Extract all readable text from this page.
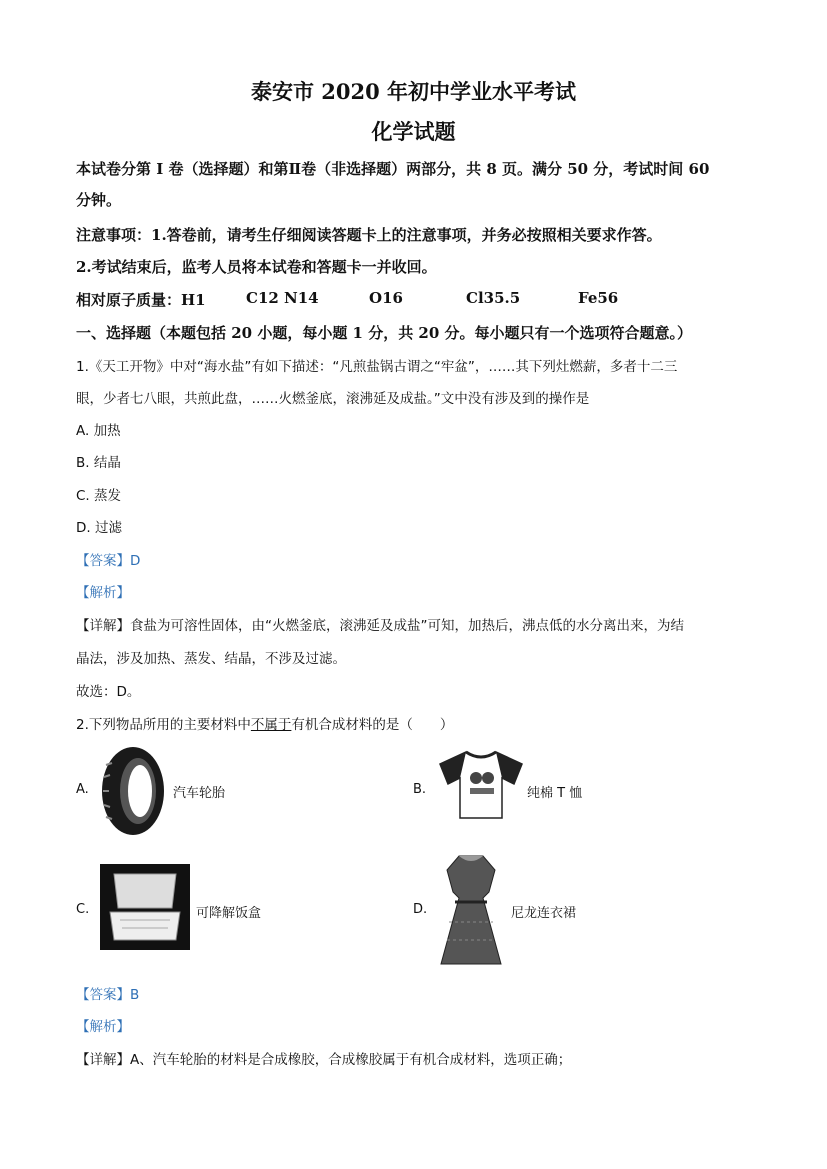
泰安市 2020 年初中学业水平考试
化学试题
本试卷分第 I 卷（选择题）和第Ⅱ卷（非选择题）两部分，共 8 页。满分 50 分，考试时间 60
分钟。
注意事项：1.答卷前，请考生仔细阅读答题卡上的注意事项，并务必按照相关要求作答。
2.考试结束后，监考人员将本试卷和答题卡一并收回。
相对原子质量：H1	C12 N14	O16	Cl35.5	Fe56
一、选择题（本题包括 20 小题，每小题 1 分，共 20 分。每小题只有一个选项符合题意。）
1.《天工开物》中对“海水盐”有如下描述：“凡煎盐锅古谓之“牢盆”，……其下列灶燃薪，多者十二三
眼，少者七八眼，共煎此盘，……火燃釜底，滚沸延及成盐。”文中没有涉及到的操作是
A. 加热
B. 结晶
C. 蒸发
D. 过滤
【答案】D
【解析】
【详解】食盐为可溶性固体，由“火燃釜底，滚沸延及成盐”可知，加热后，沸点低的水分离出来，为结
晶法，涉及加热、蒸发、结晶，不涉及过滤。
故选：D。
2.下列物品所用的主要材料中不属于有机合成材料的是（　　）
A.	汽车轮胎	B.	纯棉 T 恤
C.	可降解饭盒	D.	尼龙连衣裙
【答案】B
【解析】
【详解】A、汽车轮胎的材料是合成橡胶，合成橡胶属于有机合成材料，选项正确；
